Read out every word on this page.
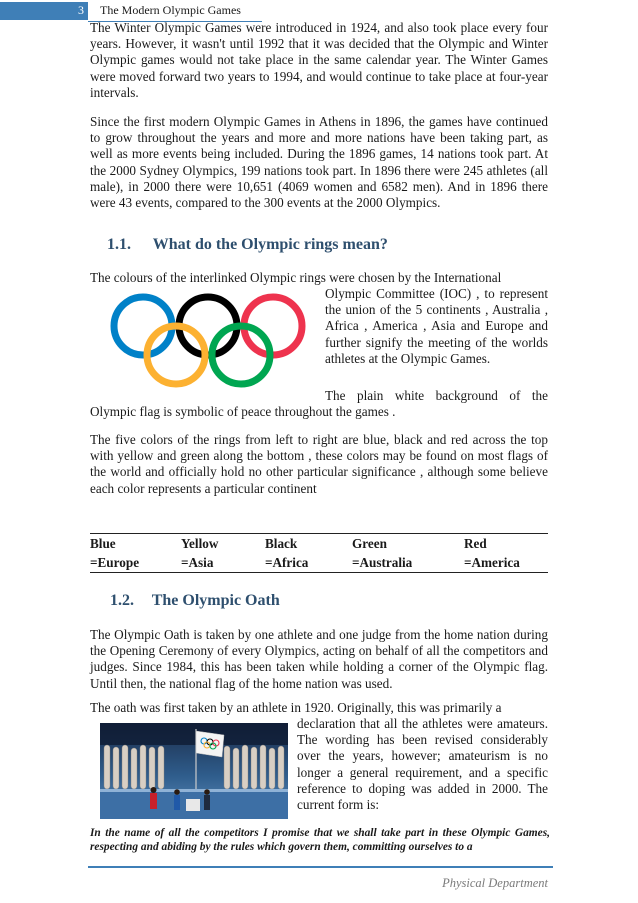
3 The Modern Olympic Games

The Winter Olympic Games were introduced in 1924, and also took place every four years. However, it wasn't until 1992 that it was decided that the Olympic and Winter Olympic games would not take place in the same calendar year. The Winter Games were moved forward two years to 1994, and would continue to take place at four-year intervals.

Since the first modern Olympic Games in Athens in 1896, the games have continued to grow throughout the years and more and more nations have been taking part, as well as more events being included. During the 1896 games, 14 nations took part. At the 2000 Sydney Olympics, 199 nations took part. In 1896 there were 245 athletes (all male), in 2000 there were 10,651 (4069 women and 6582 men). And in 1896 there were 43 events, compared to the 300 events at the 2000 Olympics.

1.1. What do the Olympic rings mean?

The colours of the interlinked Olympic rings were chosen by the International

Olympic Committee (IOC) , to represent the union of the 5 continents , Australia , Africa , America , Asia and Europe and further signify the meeting of the worlds athletes at the Olympic Games.

The plain white background of the

Olympic flag is symbolic of peace throughout the games .

The five colors of the rings from left to right are blue, black and red across the top with yellow and green along the bottom , these colors may be found on most flags of the world and officially hold no other particular significance , although some believe each color represents a particular continent

Blue	Yellow	Black	Green	Red
=Europe	=Asia	=Africa	=Australia	=America
1.2. The Olympic Oath

The Olympic Oath is taken by one athlete and one judge from the home nation during the Opening Ceremony of every Olympics, acting on behalf of all the competitors and judges. Since 1984, this has been taken while holding a corner of the Olympic flag. Until then, the national flag of the home nation was used.

The oath was first taken by an athlete in 1920. Originally, this was primarily a

declaration that all the athletes were amateurs. The wording has been revised considerably over the years, however; amateurism is no longer a general requirement, and a specific reference to doping was added in 2000. The current form is:

In the name of all the competitors I promise that we shall take part in these Olympic Games, respecting and abiding by the rules which govern them, committing ourselves to a

Physical Department
